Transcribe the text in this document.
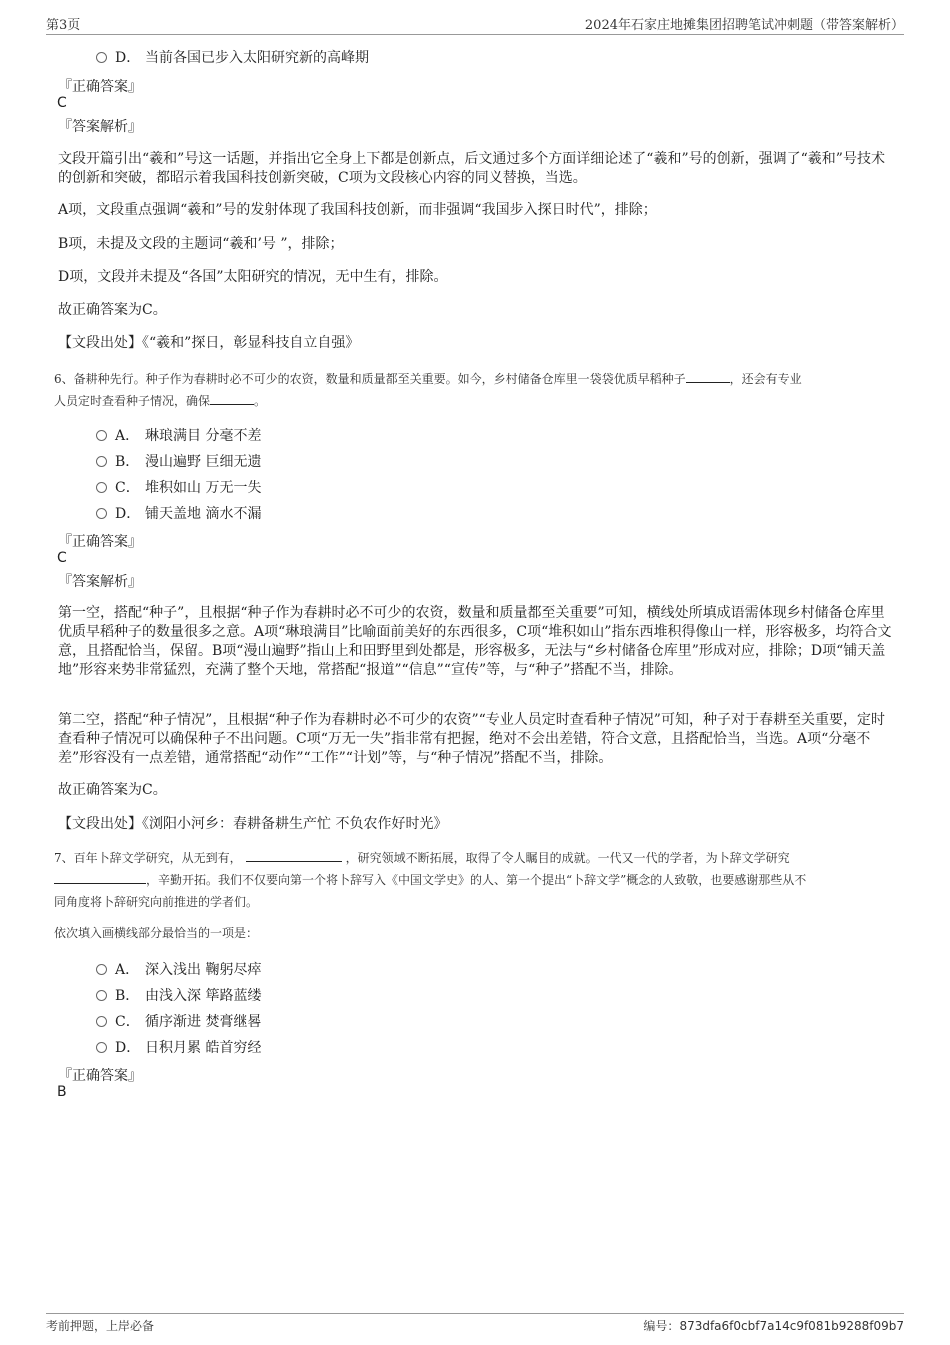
第3页	2024年石家庄地摊集团招聘笔试冲刺题（带答案解析）
D． 当前各国已步入太阳研究新的高峰期
『正确答案』
C
『答案解析』
文段开篇引出“羲和”号这一话题，并指出它全身上下都是创新点，后文通过多个方面详细论述了“羲和”号的创新，强调了“羲和”号技术的创新和突破，都昭示着我国科技创新突破，C项为文段核心内容的同义替换，当选。
A项，文段重点强调“羲和”号的发射体现了我国科技创新，而非强调“我国步入探日时代”，排除；
B项，未提及文段的主题词“羲和’号 ”，排除；
D项，文段并未提及“各国”太阳研究的情况，无中生有，排除。
故正确答案为C。
【文段出处】《“羲和”探日，彰显科技自立自强》
6、备耕种先行。种子作为春耕时必不可少的农资，数量和质量都至关重要。如今，乡村储备仓库里一袋袋优质早稻种子	，还会有专业
人员定时查看种子情况，确保	。
A． 琳琅满目 分毫不差
B． 漫山遍野 巨细无遗
C． 堆积如山 万无一失
D． 铺天盖地 滴水不漏
『正确答案』
C
『答案解析』
第一空，搭配“种子”，且根据“种子作为春耕时必不可少的农资，数量和质量都至关重要”可知，横线处所填成语需体现乡村储备仓库里优质早稻种子的数量很多之意。A项“琳琅满目”比喻面前美好的东西很多，C项“堆积如山”指东西堆积得像山一样，形容极多，均符合文意，且搭配恰当，保留。B项“漫山遍野”指山上和田野里到处都是，形容极多，无法与“乡村储备仓库里”形成对应，排除；D项“铺天盖地”形容来势非常猛烈，充满了整个天地，常搭配“报道”“信息”“宣传”等，与“种子”搭配不当，排除。
第二空，搭配“种子情况”，且根据“种子作为春耕时必不可少的农资”“专业人员定时查看种子情况”可知，种子对于春耕至关重要，定时查看种子情况可以确保种子不出问题。C项“万无一失”指非常有把握，绝对不会出差错，符合文意，且搭配恰当，当选。A项“分毫不差”形容没有一点差错，通常搭配“动作”“工作”“计划”等，与“种子情况”搭配不当，排除。
故正确答案为C。
【文段出处】《浏阳小河乡：春耕备耕生产忙 不负农作好时光》
7、百年卜辞文学研究，从无到有，	，研究领域不断拓展，取得了令人瞩目的成就。一代又一代的学者，为卜辞文学研究
，辛勤开拓。我们不仅要向第一个将卜辞写入《中国文学史》的人、第一个提出“卜辞文学”概念的人致敬，也要感谢那些从不
同角度将卜辞研究向前推进的学者们。
依次填入画横线部分最恰当的一项是：
A． 深入浅出 鞠躬尽瘁
B． 由浅入深 筚路蓝缕
C． 循序渐进 焚膏继晷
D． 日积月累 皓首穷经
『正确答案』
B
考前押题，上岸必备	编号：873dfa6f0cbf7a14c9f081b9288f09b7
